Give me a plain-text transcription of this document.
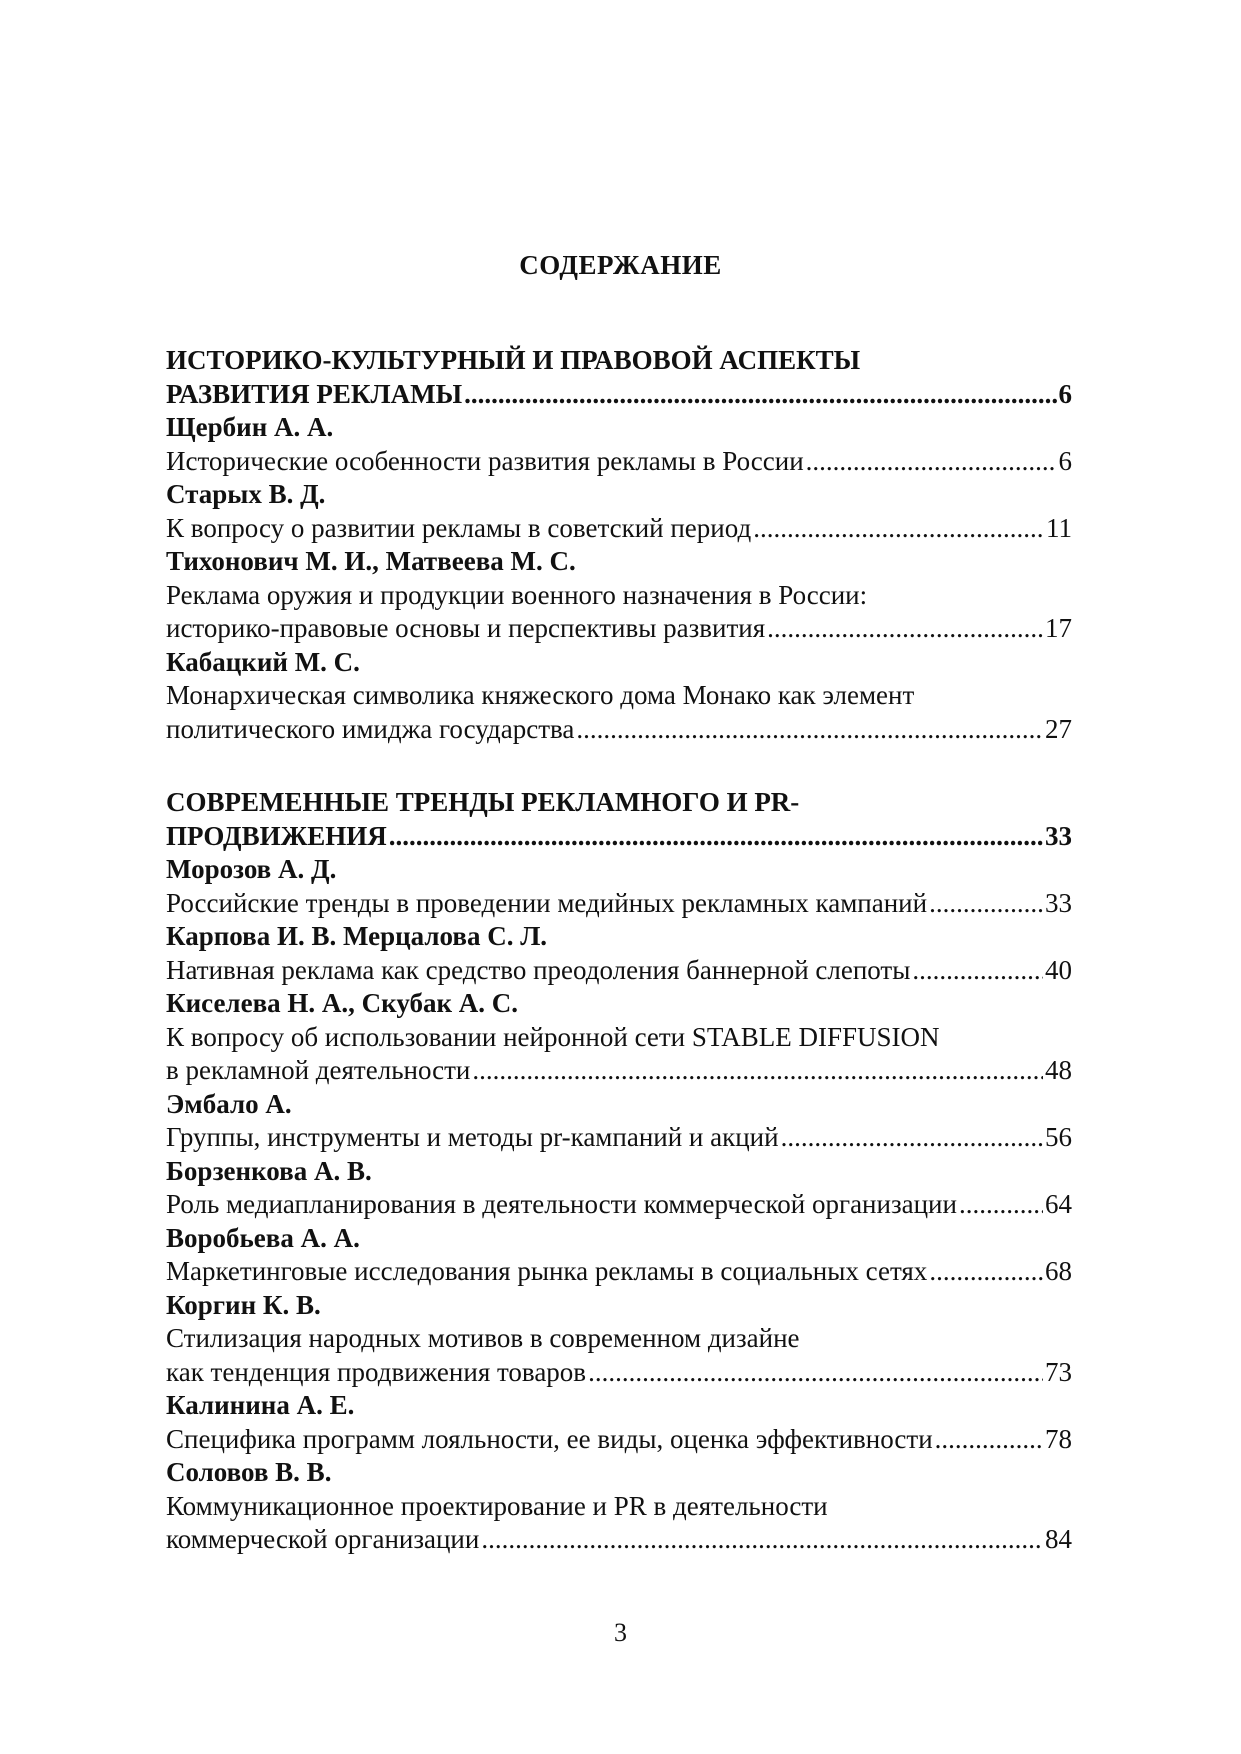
СОДЕРЖАНИЕ
ИСТОРИКО-КУЛЬТУРНЫЙ И ПРАВОВОЙ АСПЕКТЫ
РАЗВИТИЯ РЕКЛАМЫ .....	6
Щербин А. А.
Исторические особенности развития рекламы в России .....	6
Старых В. Д.
К вопросу о развитии рекламы в советский период .....	11
Тихонович М. И., Матвеева М. С.
Реклама оружия и продукции военного назначения в России:
историко-правовые основы и перспективы развития .....	17
Кабацкий М. С.
Монархическая символика княжеского дома Монако как элемент
политического имиджа государства .....	27
СОВРЕМЕННЫЕ ТРЕНДЫ РЕКЛАМНОГО И PR-
ПРОДВИЖЕНИЯ .....	33
Морозов А. Д.
Российские тренды в проведении медийных рекламных кампаний .....	33
Карпова И. В. Мерцалова С. Л.
Нативная реклама как средство преодоления баннерной слепоты .....	40
Киселева Н. А., Скубак А. С.
К вопросу об использовании нейронной сети STABLE DIFFUSION
в рекламной деятельности .....	48
Эмбало А.
Группы, инструменты и методы pr-кампаний и акций .....	56
Борзенкова А. В.
Роль медиапланирования в деятельности коммерческой организации .....	64
Воробьева А. А.
Маркетинговые исследования рынка рекламы в социальных сетях .....	68
Коргин К. В.
Стилизация народных мотивов в современном дизайне
как тенденция продвижения товаров .....	73
Калинина А. Е.
Специфика программ лояльности, ее виды, оценка эффективности .....	78
Соловов В. В.
Коммуникационное проектирование и PR в деятельности
коммерческой организации .....	84
3
